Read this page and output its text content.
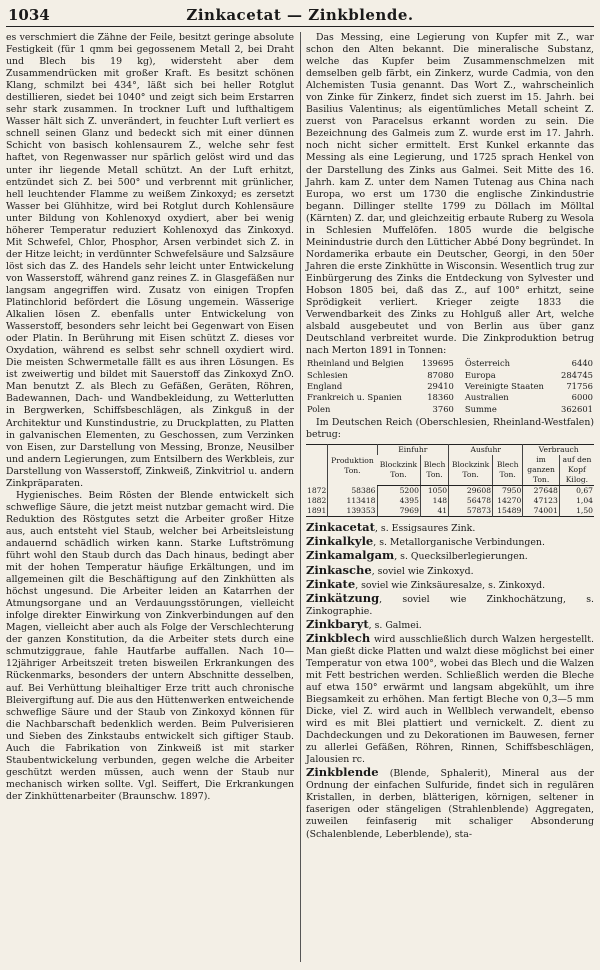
1034	Zinkacetat — Zinkblende.

es verschmiert die Zähne der Feile, besitzt geringe absolute Festigkeit (für 1 qmm bei gegossenem Metall 2, bei Draht und Blech bis 19 kg), widersteht aber dem Zusammendrücken mit großer Kraft. Es besitzt schönen Klang, schmilzt bei 434°, läßt sich bei heller Rotglut destillieren, siedet bei 1040° und zeigt sich beim Erstarren sehr stark zusammen. In trockner Luft und lufthaltigem Wasser hält sich Z. unverändert, in feuchter Luft verliert es schnell seinen Glanz und bedeckt sich mit einer dünnen Schicht von basisch kohlensaurem Z., welche sehr fest haftet, von Regenwasser nur spärlich gelöst wird und das unter ihr liegende Metall schützt. An der Luft erhitzt, entzündet sich Z. bei 500° und verbrennt mit grünlicher, hell leuchtender Flamme zu weißem Zinkoxyd; es zersetzt Wasser bei Glühhitze, wird bei Rotglut durch Kohlensäure unter Bildung von Kohlenoxyd oxydiert, aber bei wenig höherer Temperatur reduziert Kohlenoxyd das Zinkoxyd. Mit Schwefel, Chlor, Phosphor, Arsen verbindet sich Z. in der Hitze leicht; in verdünnter Schwefelsäure und Salzsäure löst sich das Z. des Handels sehr leicht unter Entwickelung von Wasserstoff, während ganz reines Z. in Glasgefäßen nur langsam angegriffen wird. Zusatz von einigen Tropfen Platinchlorid befördert die Lösung ungemein. Wässerige Alkalien lösen Z. ebenfalls unter Entwickelung von Wasserstoff, besonders sehr leicht bei Gegenwart von Eisen oder Platin. In Berührung mit Eisen schützt Z. dieses vor Oxydation, während es selbst sehr schnell oxydiert wird. Die meisten Schwermetalle fällt es aus ihren Lösungen. Es ist zweiwertig und bildet mit Sauerstoff das Zinkoxyd ZnO. Man benutzt Z. als Blech zu Gefäßen, Geräten, Röhren, Badewannen, Dach- und Wandbekleidung, zu Wetterlutten in Bergwerken, Schiffsbeschlägen, als Zinkguß in der Architektur und Kunstindustrie, zu Druckplatten, zu Platten in galvanischen Elementen, zu Geschossen, zum Verzinken von Eisen, zur Darstellung von Messing, Bronze, Neusilber und andern Legierungen, zum Entsilbern des Werkbleis, zur Darstellung von Wasserstoff, Zinkweiß, Zinkvitriol u. andern Zinkpräparaten.

Hygienisches. Beim Rösten der Blende entwickelt sich schweflige Säure, die jetzt meist nutzbar gemacht wird. Die Reduktion des Röstgutes setzt die Arbeiter großer Hitze aus, auch entsteht viel Staub, welcher bei Arbeitsleistung andauernd schädlich wirken kann. Starke Luftströmung führt wohl den Staub durch das Dach hinaus, bedingt aber mit der hohen Temperatur häufige Erkältungen, und im allgemeinen gilt die Beschäftigung auf den Zinkhütten als höchst ungesund. Die Arbeiter leiden an Katarrhen der Atmungsorgane und an Verdauungsstörungen, vielleicht infolge direkter Einwirkung von Zinkverbindungen auf den Magen, vielleicht aber auch als Folge der Verschlechterung der ganzen Konstitution, da die Arbeiter stets durch eine schmutziggraue, fahle Hautfarbe auffallen. Nach 10—12jähriger Arbeitszeit treten bisweilen Erkrankungen des Rückenmarks, besonders der untern Abschnitte desselben, auf. Bei Verhüttung bleihaltiger Erze tritt auch chronische Bleivergiftung auf. Die aus den Hüttenwerken entweichende schweflige Säure und der Staub von Zinkoxyd können für die Nachbarschaft bedenklich werden. Beim Pulverisieren und Sieben des Zinkstaubs entwickelt sich giftiger Staub. Auch die Fabrikation von Zinkweiß ist mit starker Staubentwickelung verbunden, gegen welche die Arbeiter geschützt werden müssen, auch wenn der Staub nur mechanisch wirken sollte. Vgl. Seiffert, Die Erkrankungen der Zinkhüttenarbeiter (Braunschw. 1897).

Das Messing, eine Legierung von Kupfer mit Z., war schon den Alten bekannt. Die mineralische Substanz, welche das Kupfer beim Zusammenschmelzen mit demselben gelb färbt, ein Zinkerz, wurde Cadmia, von den Alchemisten Tusia genannt. Das Wort Z., wahrscheinlich von Zinke für Zinkerz, findet sich zuerst im 15. Jahrh. bei Basilius Valentinus; als eigentümliches Metall scheint Z. zuerst von Paracelsus erkannt worden zu sein. Die Bezeichnung des Galmeis zum Z. wurde erst im 17. Jahrh. noch nicht sicher ermittelt. Erst Kunkel erkannte das Messing als eine Legierung, und 1725 sprach Henkel von der Darstellung des Zinks aus Galmei. Seit Mitte des 16. Jahrh. kam Z. unter dem Namen Tutenag aus China nach Europa, wo erst um 1730 die englische Zinkindustrie begann. Dillinger stellte 1799 zu Döllach im Mölltal (Kärnten) Z. dar, und gleichzeitig erbaute Ruberg zu Wesola in Schlesien Muffelöfen. 1805 wurde die belgische Meinindustrie durch den Lütticher Abbé Dony begründet. In Nordamerika erbaute ein Deutscher, Georgi, in den 50er Jahren die erste Zinkhütte in Wisconsin. Wesentlich trug zur Einbürgerung des Zinks die Entdeckung von Sylvester und Hobson 1805 bei, daß das Z., auf 100° erhitzt, seine Sprödigkeit verliert. Krieger zeigte 1833 die Verwendbarkeit des Zinks zu Hohlguß aller Art, welche alsbald ausgebeutet und von Berlin aus über ganz Deutschland verbreitet wurde. Die Zinkproduktion betrug nach Merton 1891 in Tonnen:

Rheinland und Belgien	139695	Österreich	6440
Schlesien	87080	Europa	284745
England	29410	Vereinigte Staaten	71756
Frankreich u. Spanien	18360	Australien	6000
Polen	3760	Summe	362601

Im Deutschen Reich (Oberschlesien, Rheinland-Westfalen) betrug:

	Produktion Ton.	Einfuhr		Ausfuhr		Verbrauch	
		Blockzink Ton.	Blech Ton.	Blockzink Ton.	Blech Ton.	im ganzen Ton.	auf den Kopf Kilog.
1872	58386	5200	1050	29608	7950	27648	0,67
1882	113418	4395	148	56478	14270	47123	1,04
1891	139353	7969	41	57873	15489	74001	1,50

Zinkacetat, s. Essigsaures Zink.

Zinkalkyle, s. Metallorganische Verbindungen.

Zinkamalgam, s. Quecksilberlegierungen.

Zinkasche, soviel wie Zinkoxyd.

Zinkate, soviel wie Zinksäuresalze, s. Zinkoxyd.

Zinkätzung, soviel wie Zinkhochätzung, s. Zinkographie.

Zinkbaryt, s. Galmei.

Zinkblech wird ausschließlich durch Walzen hergestellt. Man gießt dicke Platten und walzt diese möglichst bei einer Temperatur von etwa 100°, wobei das Blech und die Walzen mit Fett bestrichen werden. Schließlich werden die Bleche auf etwa 150° erwärmt und langsam abgekühlt, um ihre Biegsamkeit zu erhöhen. Man fertigt Bleche von 0,3—5 mm Dicke, viel Z. wird auch in Wellblech verwandelt, ebenso wird es mit Blei plattiert und vernickelt. Z. dient zu Dachdeckungen und zu Dekorationen im Bauwesen, ferner zu allerlei Gefäßen, Röhren, Rinnen, Schiffsbeschlägen, Jalousien rc.

Zinkblende (Blende, Sphalerit), Mineral aus der Ordnung der einfachen Sulfuride, findet sich in regulären Kristallen, in derben, blätterigen, körnigen, seltener in faserigen oder stängeligen (Strahlenblende) Aggregaten, zuweilen feinfaserig mit schaliger Absonderung (Schalenblende, Leberblende), sta-
